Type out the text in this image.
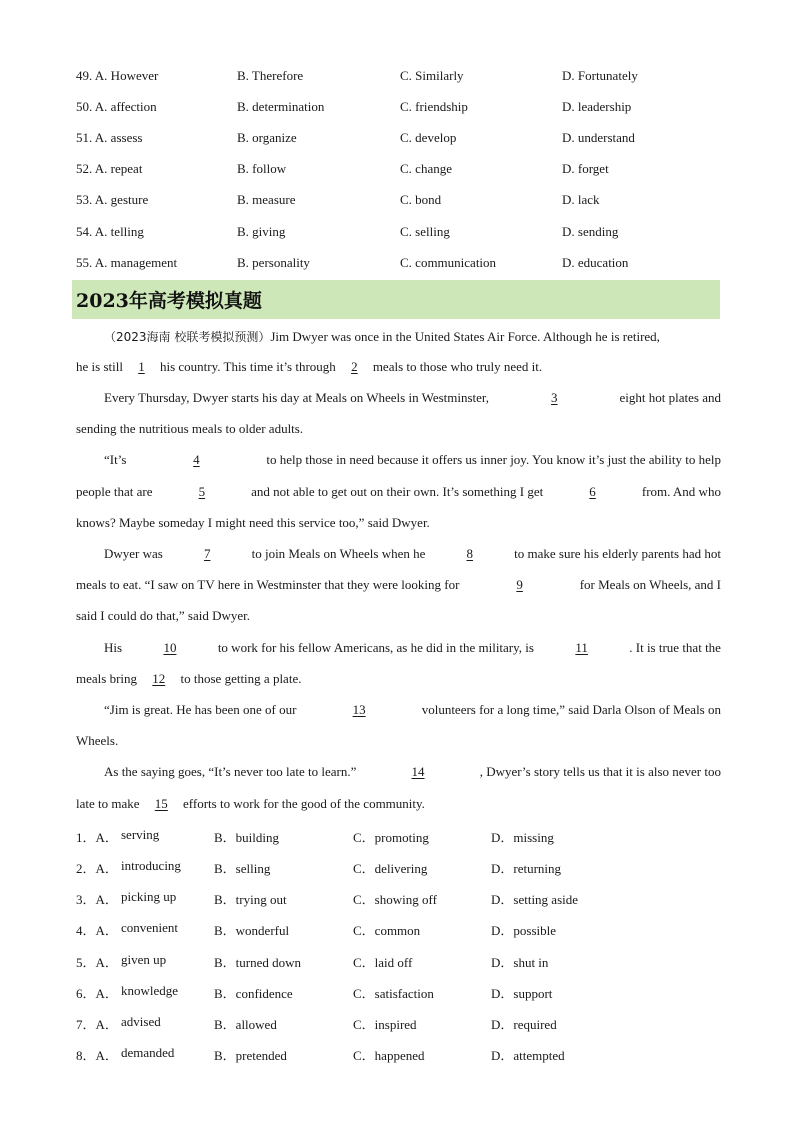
49. A. However	B. Therefore	C. Similarly	D. Fortunately
50. A. affection	B. determination	C. friendship	D. leadership
51. A. assess	B. organize	C. develop	D. understand
52. A. repeat	B. follow	C. change	D. forget
53. A. gesture	B. measure	C. bond	D. lack
54. A. telling	B. giving	C. selling	D. sending
55. A. management	B. personality	C. communication	D. education
2023年高考模拟真题
（2023海南 校联考模拟预测）Jim Dwyer was once in the United States Air Force. Although he is retired,
he is still 1 his country. This time it’s through 2 meals to those who truly need it.
Every Thursday, Dwyer starts his day at Meals on Wheels in Westminster,	3	eight hot plates and
sending the nutritious meals to older adults.
“It’s	4	to help those in need because it offers us inner joy. You know it’s just the ability to help
people that are	5	and not able to get out on their own. It’s something I get	6	from. And who
knows? Maybe someday I might need this service too,” said Dwyer.
Dwyer was	7	to join Meals on Wheels when he	8	to make sure his elderly parents had hot
meals to eat. “I saw on TV here in Westminster that they were looking for	9	for Meals on Wheels, and I
said I could do that,” said Dwyer.
His	10	to work for his fellow Americans, as he did in the military, is	11	. It is true that the
meals bring 12 to those getting a plate.
“Jim is great. He has been one of our	13	volunteers for a long time,” said Darla Olson of Meals on
Wheels.
As the saying goes, “It’s never too late to learn.”	14	, Dwyer’s story tells us that it is also never too
late to make 15 efforts to work for the good of the community.
1．A． serving	B．building	C．promoting	D．missing
2．A． introducing	B．selling	C．delivering	D．returning
3．A． picking up	B．trying out	C．showing off	D．setting aside
4．A． convenient	B．wonderful	C．common	D．possible
5．A． given up	B．turned down	C．laid off	D．shut in
6．A． knowledge	B．confidence	C．satisfaction	D．support
7．A． advised	B．allowed	C．inspired	D．required
8．A． demanded	B．pretended	C．happened	D．attempted
